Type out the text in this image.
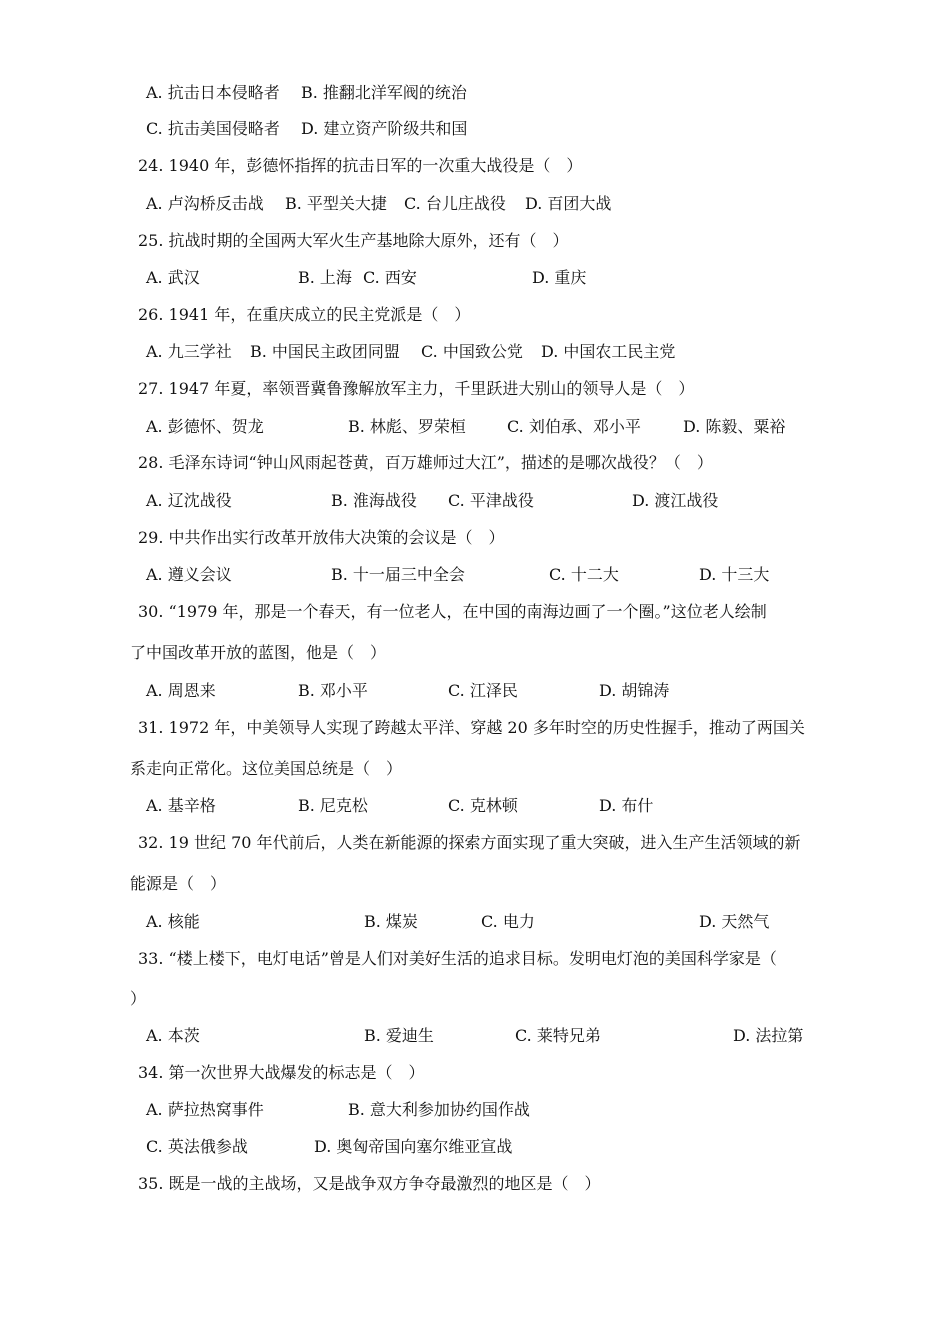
A. 抗击日本侵略者 B. 推翻北洋军阀的统治
C. 抗击美国侵略者 D. 建立资产阶级共和国
24. 1940 年，彭德怀指挥的抗击日军的一次重大战役是（　）
A. 卢沟桥反击战 B. 平型关大捷 C. 台儿庄战役 D. 百团大战
25. 抗战时期的全国两大军火生产基地除大原外，还有（　）
A. 武汉	B. 上海 C. 西安	D. 重庆
26. 1941 年，在重庆成立的民主党派是（　）
A. 九三学社 B. 中国民主政团同盟 C. 中国致公党 D. 中国农工民主党
27. 1947 年夏，率领晋冀鲁豫解放军主力，千里跃进大别山的领导人是（　）
A. 彭德怀、贺龙	B. 林彪、罗荣桓	C. 刘伯承、邓小平	D. 陈毅、粟裕
28. 毛泽东诗词“钟山风雨起苍黄，百万雄师过大江”，描述的是哪次战役？（　）
A. 辽沈战役	B. 淮海战役 C. 平津战役	D. 渡江战役
29. 中共作出实行改革开放伟大决策的会议是（　）
A. 遵义会议	B. 十一届三中全会	C. 十二大	D. 十三大
30. “1979 年，那是一个春天，有一位老人，在中国的南海边画了一个圈。”这位老人绘制
了中国改革开放的蓝图，他是（　）
A. 周恩来	B. 邓小平	C. 江泽民	D. 胡锦涛
31. 1972 年，中美领导人实现了跨越太平洋、穿越 20 多年时空的历史性握手，推动了两国关
系走向正常化。这位美国总统是（　）
A. 基辛格	B. 尼克松	C. 克林顿	D. 布什
32. 19 世纪 70 年代前后，人类在新能源的探索方面实现了重大突破，进入生产生活领域的新
能源是（　）
A. 核能	B. 煤炭	C. 电力	D. 天然气
33. “楼上楼下，电灯电话”曾是人们对美好生活的追求目标。发明电灯泡的美国科学家是（
）
A. 本茨	B. 爱迪生	C. 莱特兄弟	D. 法拉第
34. 第一次世界大战爆发的标志是（　）
A. 萨拉热窝事件	B. 意大利参加协约国作战
C. 英法俄参战	D. 奥匈帝国向塞尔维亚宣战
35. 既是一战的主战场，又是战争双方争夺最激烈的地区是（　）
